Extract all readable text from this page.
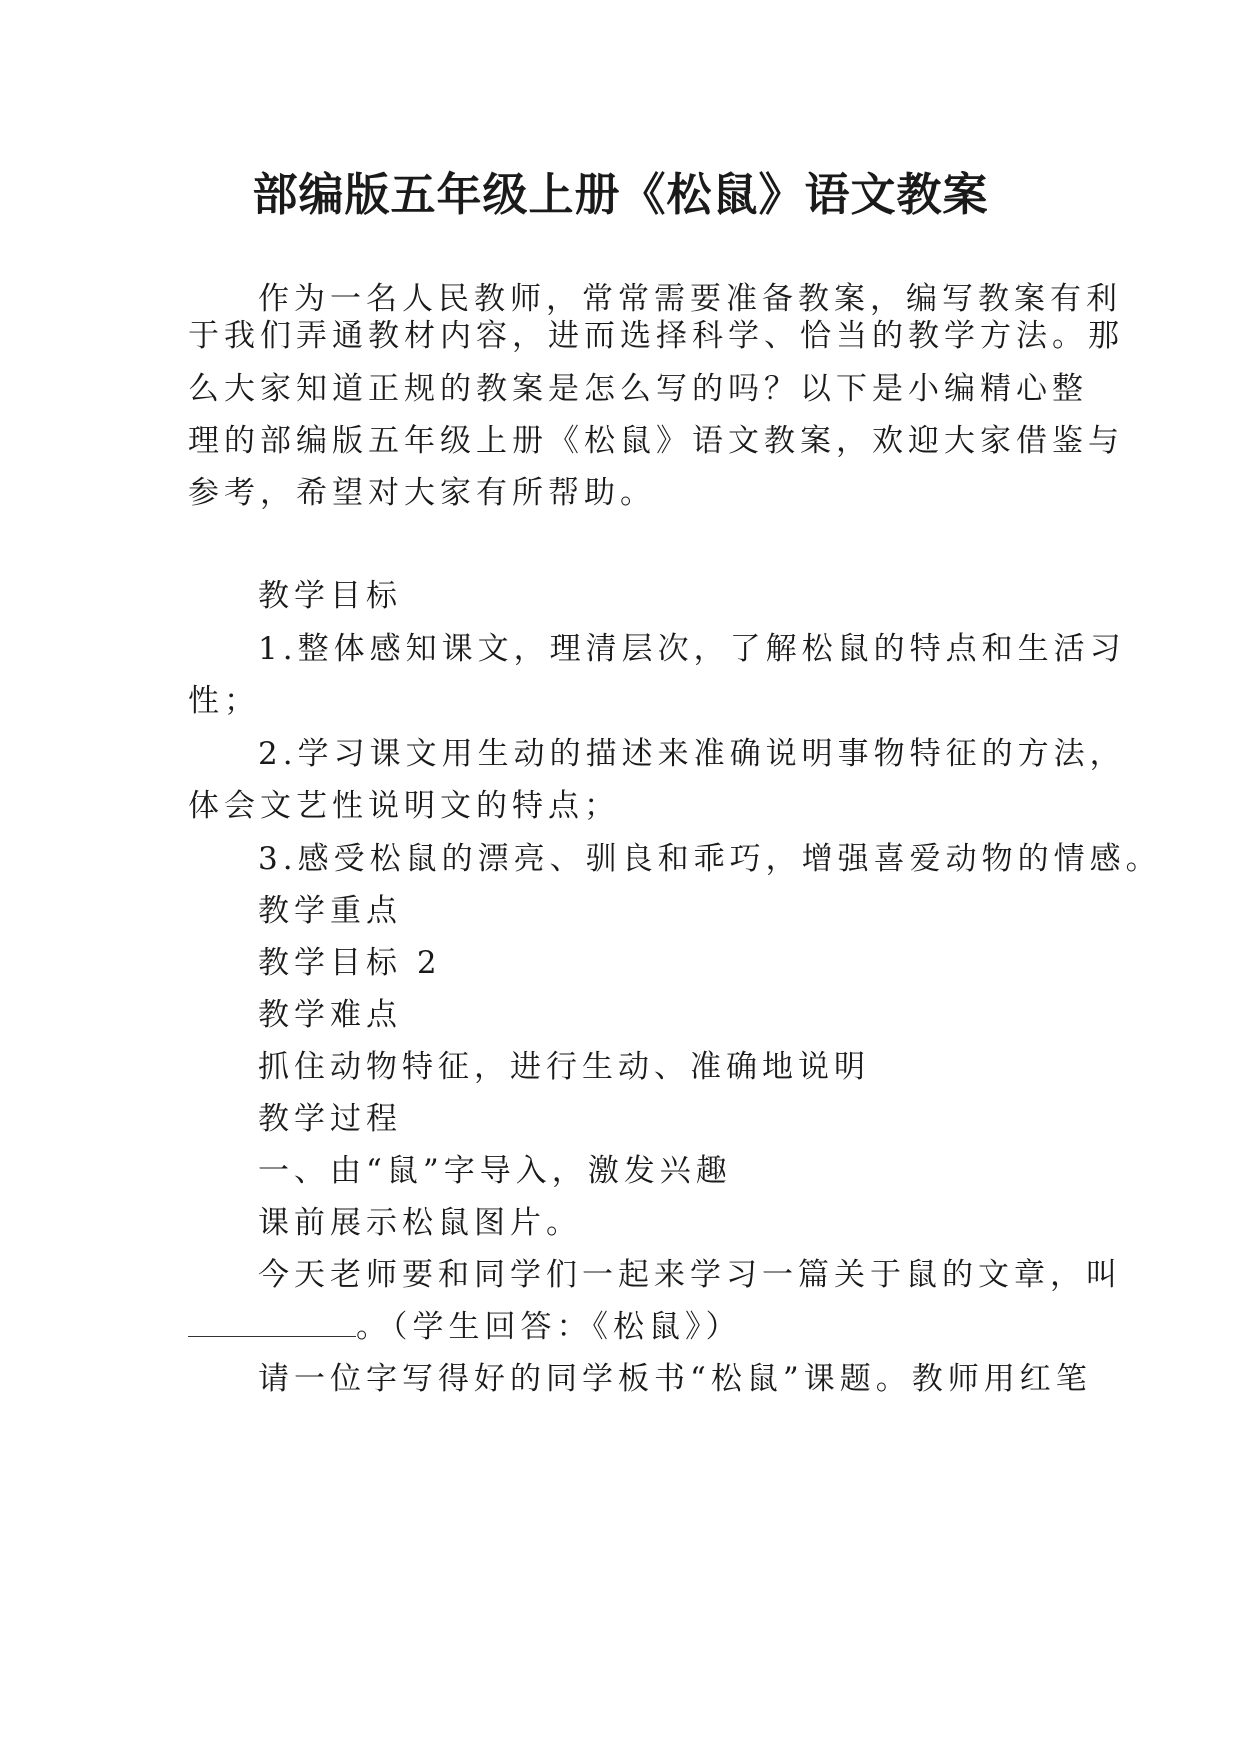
部编版五年级上册《松鼠》语文教案
作为一名人民教师，常常需要准备教案，编写教案有利
于我们弄通教材内容，进而选择科学、恰当的教学方法。那
么大家知道正规的教案是怎么写的吗？以下是小编精心整
理的部编版五年级上册《松鼠》语文教案，欢迎大家借鉴与
参考，希望对大家有所帮助。
教学目标
1.整体感知课文，理清层次，了解松鼠的特点和生活习
性；
2.学习课文用生动的描述来准确说明事物特征的方法，
体会文艺性说明文的特点；
3.感受松鼠的漂亮、驯良和乖巧，增强喜爱动物的情感。
教学重点
教学目标 2
教学难点
抓住动物特征，进行生动、准确地说明
教学过程
一、由“鼠”字导入，激发兴趣
课前展示松鼠图片。
今天老师要和同学们一起来学习一篇关于鼠的文章，叫
。（学生回答：《松鼠》）
请一位字写得好的同学板书“松鼠”课题。教师用红笔
